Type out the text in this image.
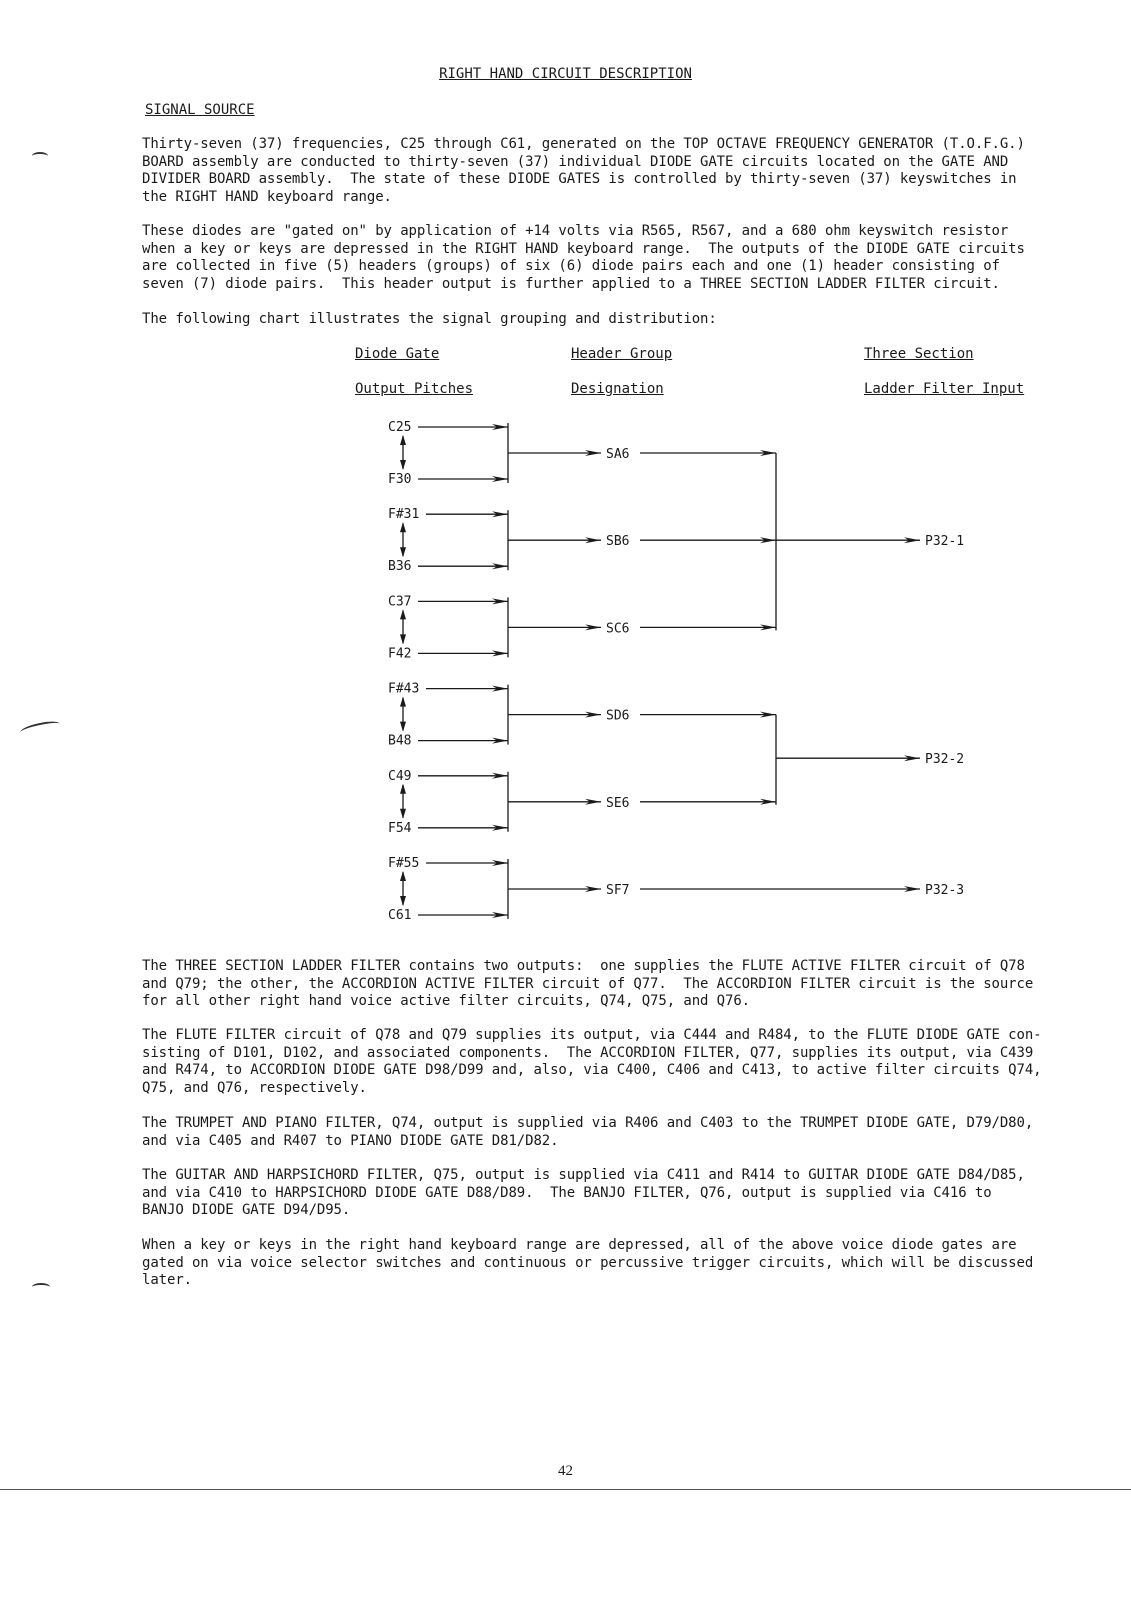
RIGHT HAND CIRCUIT DESCRIPTION
SIGNAL SOURCE

Thirty-seven (37) frequencies, C25 through C61, generated on the TOP OCTAVE FREQUENCY GENERATOR (T.O.F.G.)
BOARD assembly are conducted to thirty-seven (37) individual DIODE GATE circuits located on the GATE AND
DIVIDER BOARD assembly.  The state of these DIODE GATES is controlled by thirty-seven (37) keyswitches in
the RIGHT HAND keyboard range.

These diodes are "gated on" by application of +14 volts via R565, R567, and a 680 ohm keyswitch resistor
when a key or keys are depressed in the RIGHT HAND keyboard range.  The outputs of the DIODE GATE circuits
are collected in five (5) headers (groups) of six (6) diode pairs each and one (1) header consisting of
seven (7) diode pairs.  This header output is further applied to a THREE SECTION LADDER FILTER circuit.

The following chart illustrates the signal grouping and distribution:

Diode Gate
Output Pitches
Header Group
Designation
Three Section
Ladder Filter Input
C25
F30
SA6
F#31
B36
SB6
C37
F42
SC6
F#43
B48
SD6
C49
F54
SE6
F#55
C61
SF7
P32-1
P32-2
P32-3

The THREE SECTION LADDER FILTER contains two outputs:  one supplies the FLUTE ACTIVE FILTER circuit of Q78
and Q79; the other, the ACCORDION ACTIVE FILTER circuit of Q77.  The ACCORDION FILTER circuit is the source
for all other right hand voice active filter circuits, Q74, Q75, and Q76.

The FLUTE FILTER circuit of Q78 and Q79 supplies its output, via C444 and R484, to the FLUTE DIODE GATE con-
sisting of D101, D102, and associated components.  The ACCORDION FILTER, Q77, supplies its output, via C439
and R474, to ACCORDION DIODE GATE D98/D99 and, also, via C400, C406 and C413, to active filter circuits Q74,
Q75, and Q76, respectively.

The TRUMPET AND PIANO FILTER, Q74, output is supplied via R406 and C403 to the TRUMPET DIODE GATE, D79/D80,
and via C405 and R407 to PIANO DIODE GATE D81/D82.

The GUITAR AND HARPSICHORD FILTER, Q75, output is supplied via C411 and R414 to GUITAR DIODE GATE D84/D85,
and via C410 to HARPSICHORD DIODE GATE D88/D89.  The BANJO FILTER, Q76, output is supplied via C416 to
BANJO DIODE GATE D94/D95.

When a key or keys in the right hand keyboard range are depressed, all of the above voice diode gates are
gated on via voice selector switches and continuous or percussive trigger circuits, which will be discussed
later.

42
